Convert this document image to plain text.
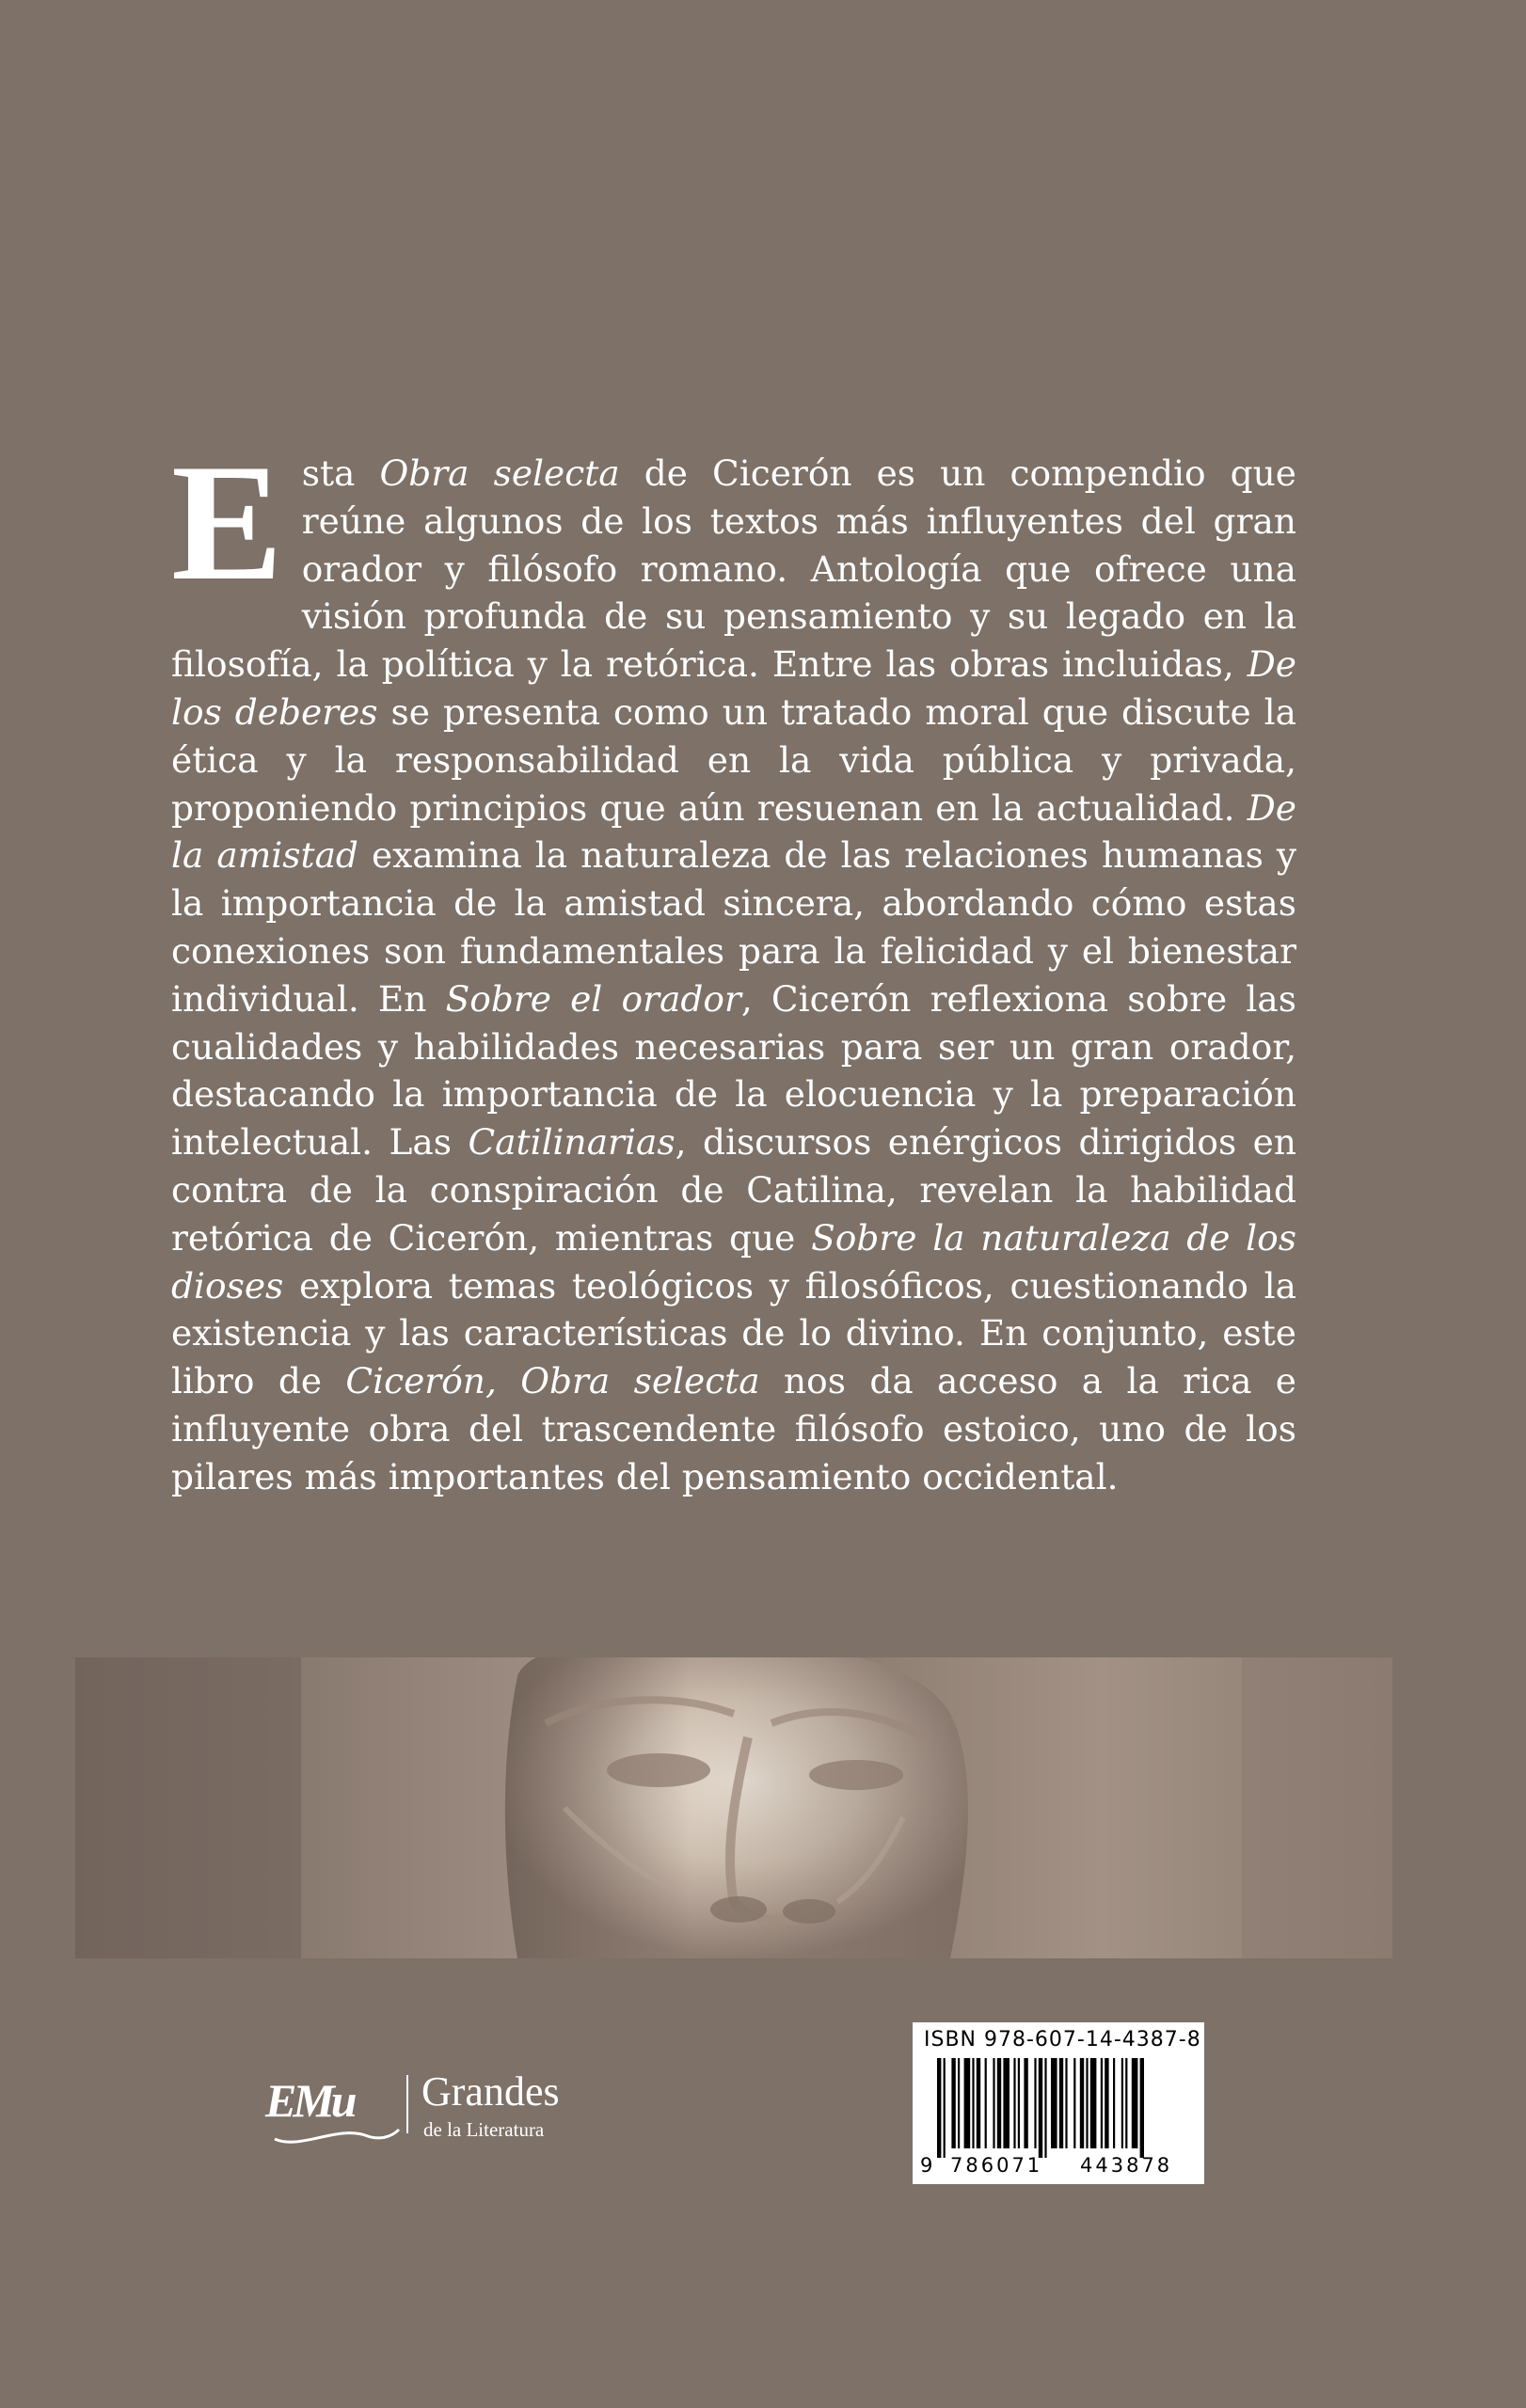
E sta Obra selecta de Cicerón es un compendio que reúne algunos de los textos más influyentes del gran orador y filósofo romano. Antología que ofrece una visión profunda de su pensamiento y su legado en la filosofía, la política y la retórica. Entre las obras incluidas, De los deberes se presenta como un tratado moral que discute la ética y la responsabilidad en la vida pública y privada, proponiendo principios que aún resuenan en la actualidad. De la amistad examina la naturaleza de las relaciones humanas y la importancia de la amistad sincera, abordando cómo estas conexiones son fundamentales para la felicidad y el bienestar individual. En Sobre el orador, Cicerón reflexiona sobre las cualidades y habilidades necesarias para ser un gran orador, destacando la importancia de la elocuencia y la preparación intelectual. Las Catilinarias, discursos enérgicos dirigidos en contra de la conspiración de Catilina, revelan la habilidad retórica de Cicerón, mientras que Sobre la naturaleza de los dioses explora temas teológicos y filosóficos, cuestionando la existencia y las características de lo divino. En conjunto, este libro de Cicerón, Obra selecta nos da acceso a la rica e influyente obra del trascendente filósofo estoico, uno de los pilares más importantes del pensamiento occidental.
EMu Grandes
de la Literatura
ISBN 978-607-14-4387-8
9 786071 443878
